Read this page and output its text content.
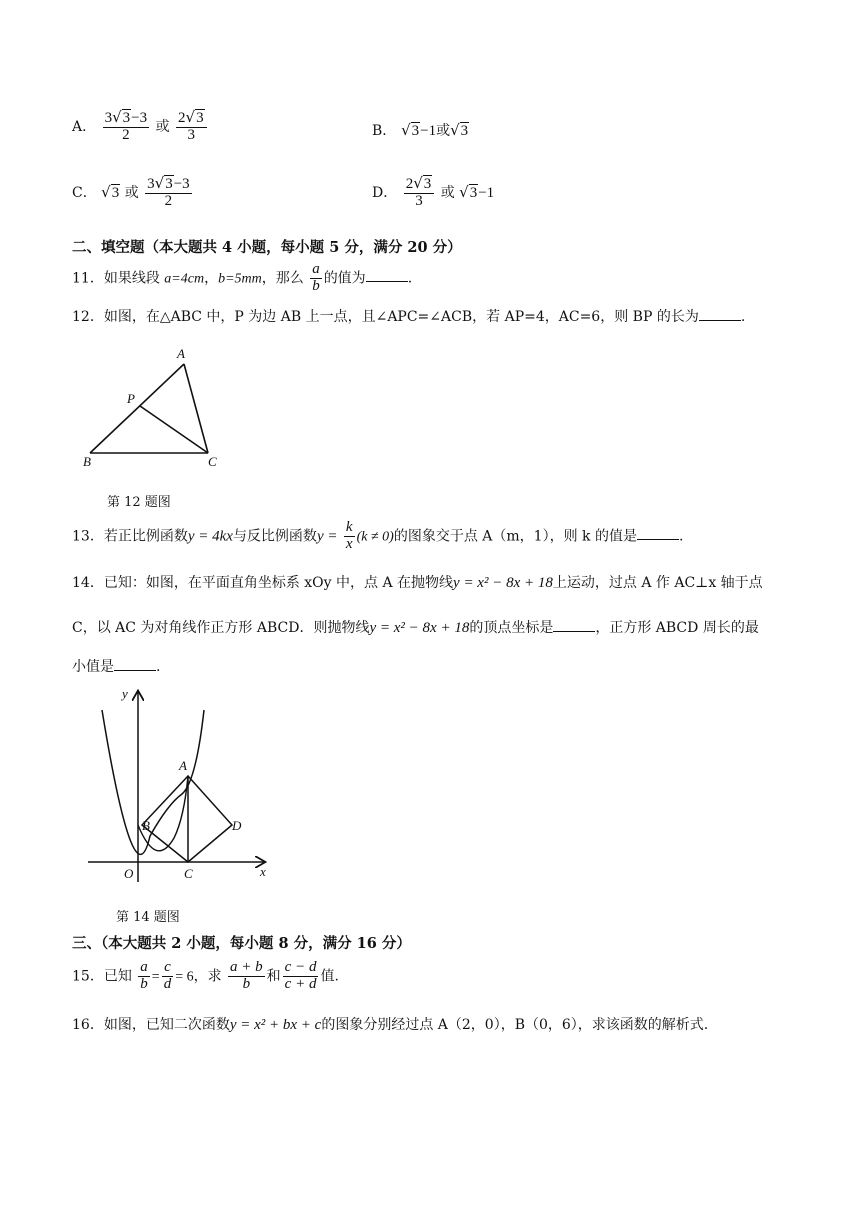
A． $\frac{3√3-3}{2}$ 或 $\frac{2√3}{3}$	B． √3−1或√3
C． √3 或 $\frac{3√3-3}{2}$	D． $\frac{2√3}{3}$ 或 √3−1
二、填空题（本大题共 4 小题，每小题 5 分，满分 20 分）
11．如果线段 a=4cm，b=5mm，那么 $\frac{a}{b}$ 的值为	.
12．如图，在△ABC 中，P 为边 AB 上一点，且∠APC=∠ACB，若 AP=4，AC=6，则 BP 的长为	.
A
P
B	C
第 12 题图
13．若正比例函数y = 4kx与反比例函数$y = \frac{k}{x} (k \ne 0)$的图象交于点 A（m，1），则 k 的值是	.
14．已知：如图，在平面直角坐标系 xOy 中，点 A 在抛物线y = x² − 8x + 18上运动，过点 A 作 AC⊥x 轴于点
C，以 AC 为对角线作正方形 ABCD．则抛物线y = x² − 8x + 18的顶点坐标是	，正方形 ABCD 周长的最
小值是	.
y
x
O
A
B
C
D
第 14 题图
三、（本大题共 2 小题，每小题 8 分，满分 16 分）
15．已知 $\frac{a}{b} = \frac{c}{d} = 6$，求 $\frac{a + b}{b}$ 和 $\frac{c - d}{c + d}$ 值.
16．如图，已知二次函数y = x² + bx + c的图象分别经过点 A（2，0），B（0，6），求该函数的解析式.
